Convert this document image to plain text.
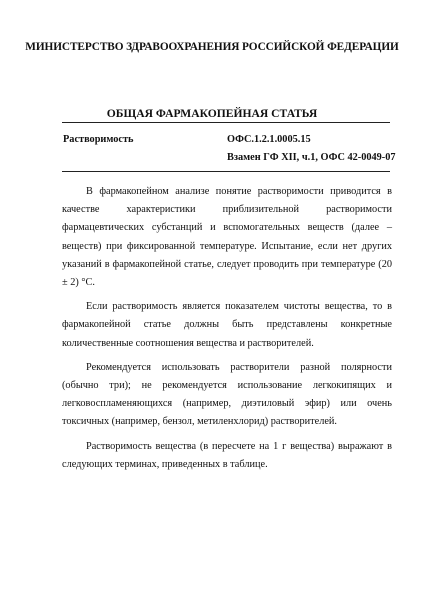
МИНИСТЕРСТВО ЗДРАВООХРАНЕНИЯ РОССИЙСКОЙ ФЕДЕРАЦИИ
ОБЩАЯ ФАРМАКОПЕЙНАЯ СТАТЬЯ
Растворимость	ОФС.1.2.1.0005.15
Взамен ГФ XII, ч.1, ОФС 42-0049-07

В фармакопейном анализе понятие растворимости приводится в качестве характеристики приблизительной растворимости фармацевтических субстанций и вспомогательных веществ (далее – веществ) при фиксированной температуре. Испытание, если нет других указаний в фармакопейной статье, следует проводить при температуре (20 ± 2) °С.

Если растворимость является показателем чистоты вещества, то в фармакопейной статье должны быть представлены конкретные количественные соотношения вещества и растворителей.

Рекомендуется использовать растворители разной полярности (обычно три); не рекомендуется использование легкокипящих и легковоспламеняющихся (например, диэтиловый эфир) или очень токсичных (например, бензол, метиленхлорид) растворителей.

Растворимость вещества (в пересчете на 1 г вещества) выражают в следующих терминах, приведенных в таблице.
